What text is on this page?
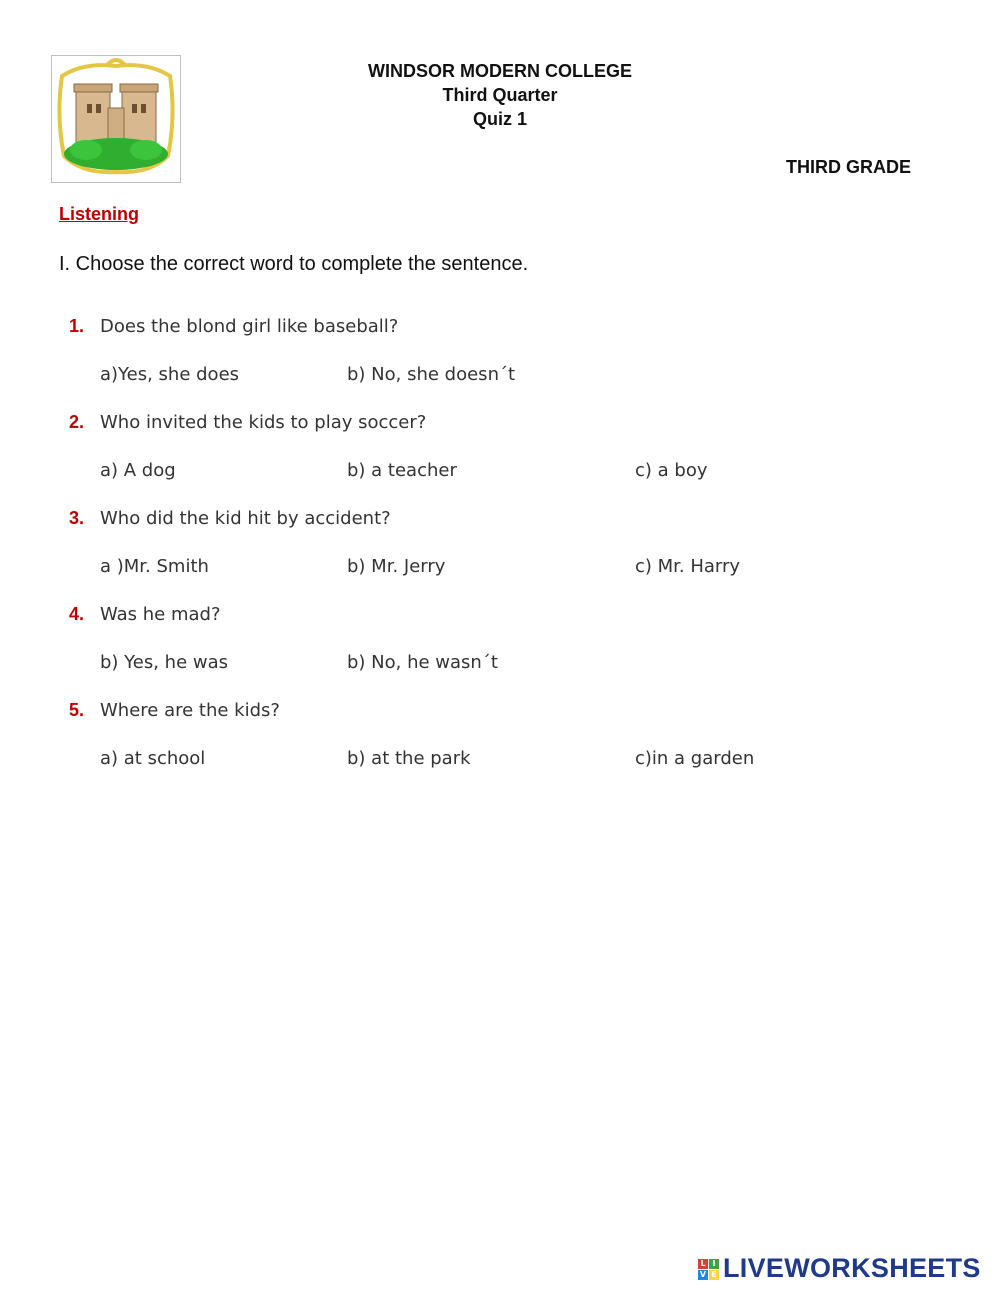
WINDSOR MODERN COLLEGE
Third Quarter
Quiz 1
THIRD GRADE
Listening
I. Choose the correct word to complete the sentence.
1. Does the blond girl like baseball?
a)Yes, she does	b) No, she doesn´t
2. Who invited the kids to play soccer?
a) A dog	b) a teacher	c) a boy
3. Who did the kid hit by accident?
a )Mr. Smith	b) Mr. Jerry	c) Mr. Harry
4. Was he mad?
b) Yes, he was	b) No, he wasn´t
5. Where are the kids?
a) at school	b) at the park	c)in a garden
L I
V E LIVEWORKSHEETS
